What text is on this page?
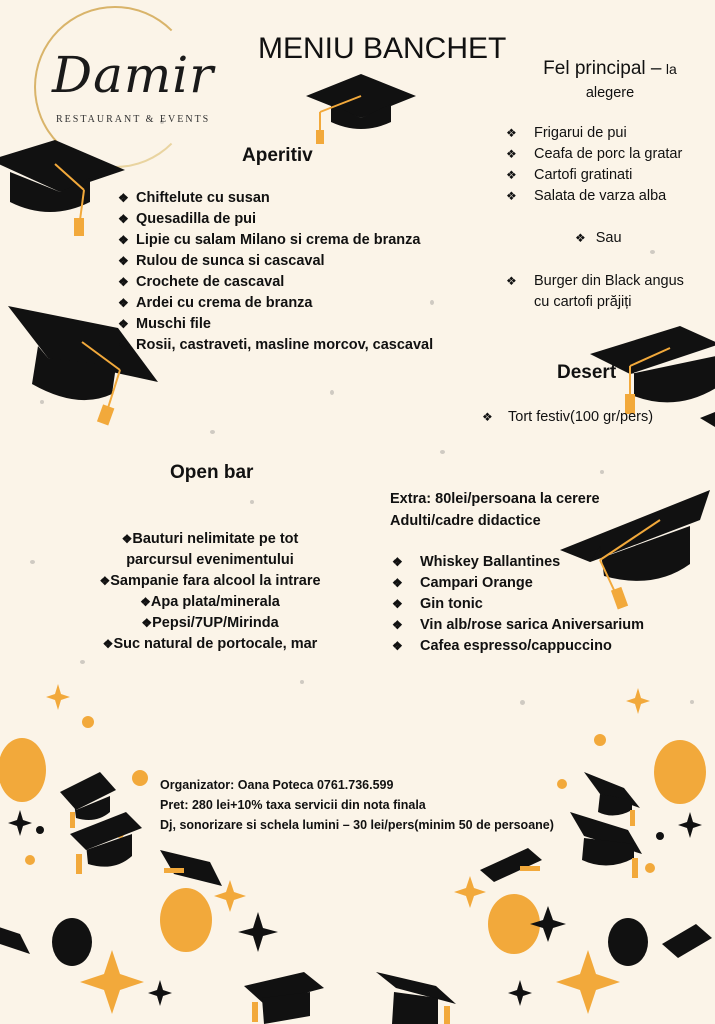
Damir
RESTAURANT & EVENTS
MENIU BANCHET
Aperitiv
❖ Chiftelute cu susan
❖ Quesadilla de pui
❖ Lipie cu salam Milano si crema de branza
❖ Rulou de sunca si cascaval
❖ Crochete de cascaval
❖ Ardei cu crema de branza
❖ Muschi file
❖ Rosii, castraveti, masline morcov, cascaval
Fel principal – la
alegere
❖ Frigarui de pui
❖ Ceafa de porc la gratar
❖ Cartofi gratinati
❖ Salata de varza alba
❖ Sau
❖ Burger din Black angus
cu cartofi prăjiți
Desert
❖ Tort festiv(100 gr/pers)
Open bar
❖Bauturi nelimitate pe tot
parcursul evenimentului
❖Sampanie fara alcool la intrare
❖Apa plata/minerala
❖Pepsi/7UP/Mirinda
❖Suc natural de portocale, mar
Extra: 80lei/persoana la cerere
Adulti/cadre didactice
❖ Whiskey Ballantines
❖ Campari Orange
❖ Gin tonic
❖ Vin alb/rose sarica Aniversarium
❖ Cafea espresso/cappuccino

Organizator: Oana Poteca 0761.736.599

Pret: 280 lei+10% taxa servicii din nota finala

Dj, sonorizare si schela lumini – 30 lei/pers(minim 50 de persoane)
